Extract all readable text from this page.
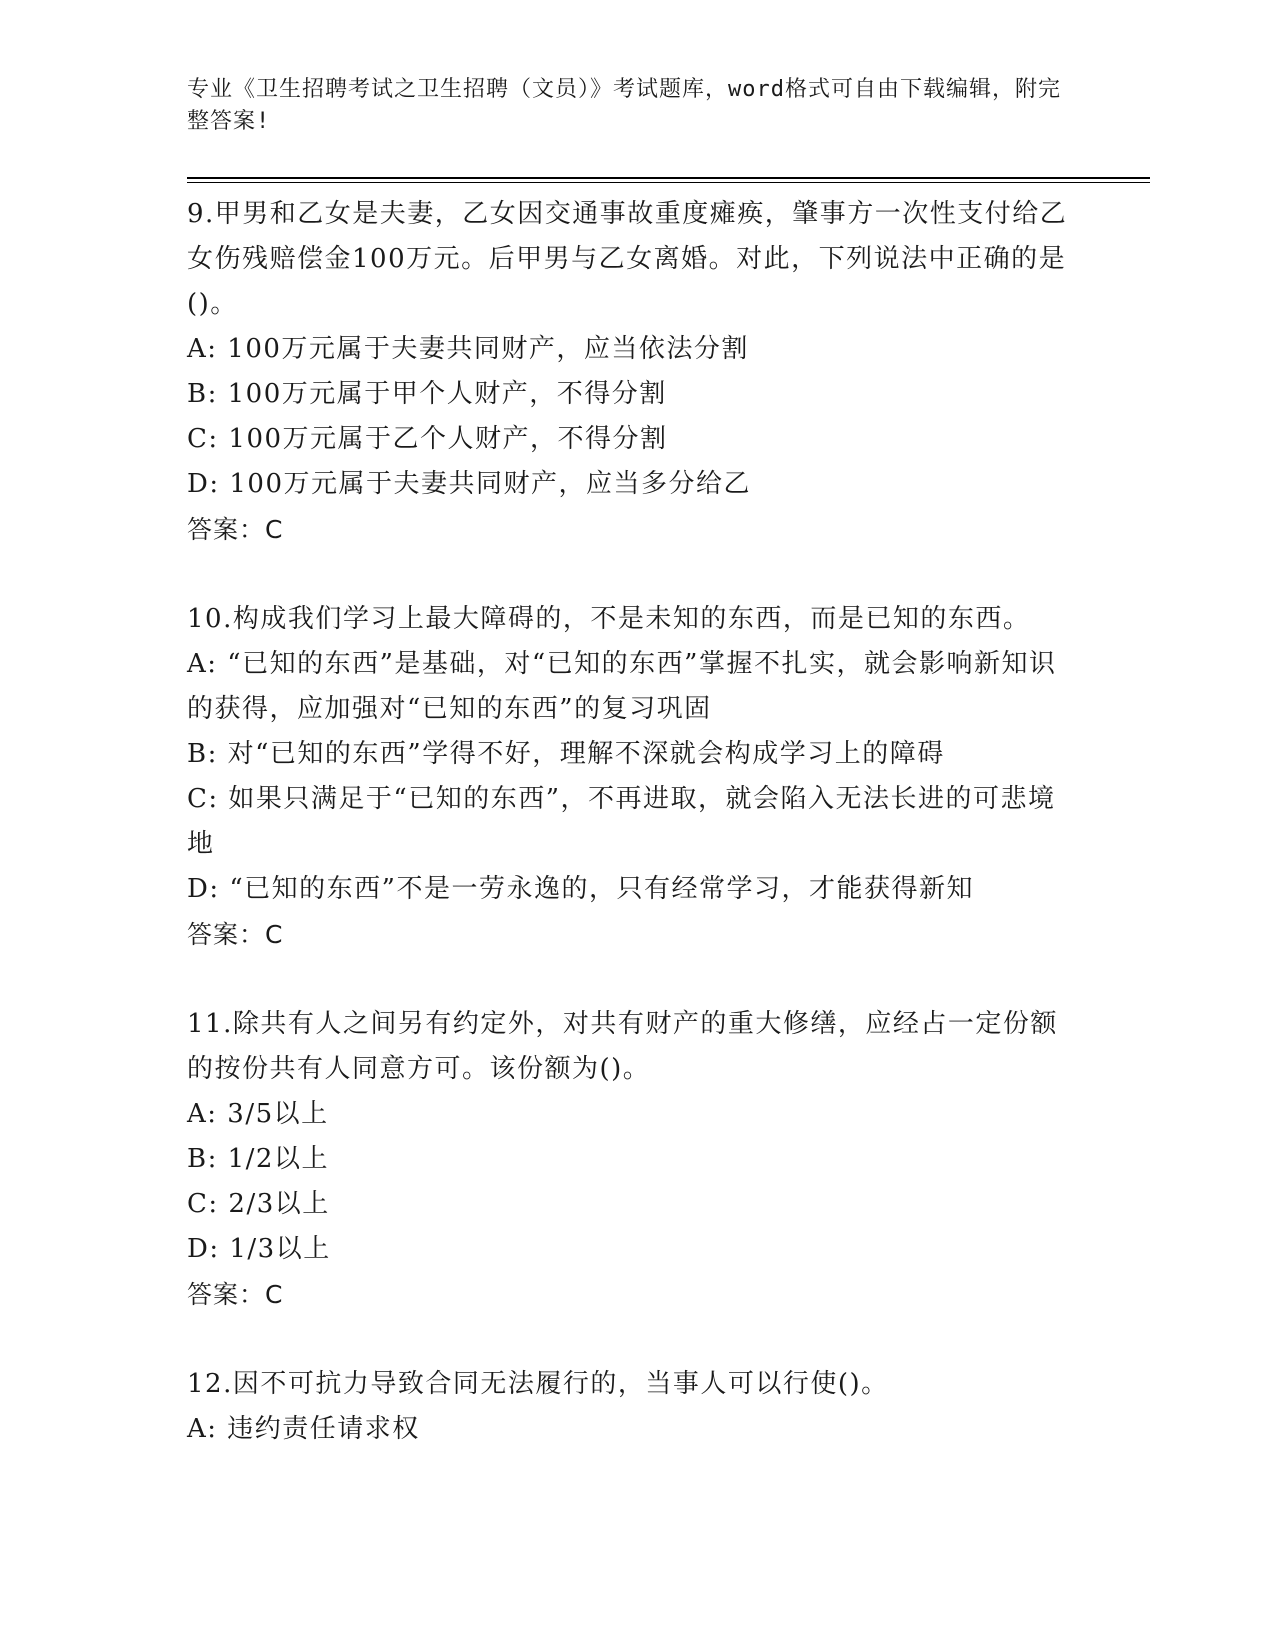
专业《卫生招聘考试之卫生招聘（文员）》考试题库，word格式可自由下载编辑，附完整答案!

9.甲男和乙女是夫妻，乙女因交通事故重度瘫痪，肇事方一次性支付给乙女伤残赔偿金100万元。后甲男与乙女离婚。对此，下列说法中正确的是()。

A: 100万元属于夫妻共同财产，应当依法分割

B: 100万元属于甲个人财产，不得分割

C: 100万元属于乙个人财产，不得分割

D: 100万元属于夫妻共同财产，应当多分给乙

答案：C

10.构成我们学习上最大障碍的，不是未知的东西，而是已知的东西。

A: “已知的东西”是基础，对“已知的东西”掌握不扎实，就会影响新知识的获得，应加强对“已知的东西”的复习巩固

B: 对“已知的东西”学得不好，理解不深就会构成学习上的障碍

C: 如果只满足于“已知的东西”，不再进取，就会陷入无法长进的可悲境地

D: “已知的东西”不是一劳永逸的，只有经常学习，才能获得新知

答案：C

11.除共有人之间另有约定外，对共有财产的重大修缮，应经占一定份额的按份共有人同意方可。该份额为()。

A: 3/5以上

B: 1/2以上

C: 2/3以上

D: 1/3以上

答案：C

12.因不可抗力导致合同无法履行的，当事人可以行使()。

A: 违约责任请求权
